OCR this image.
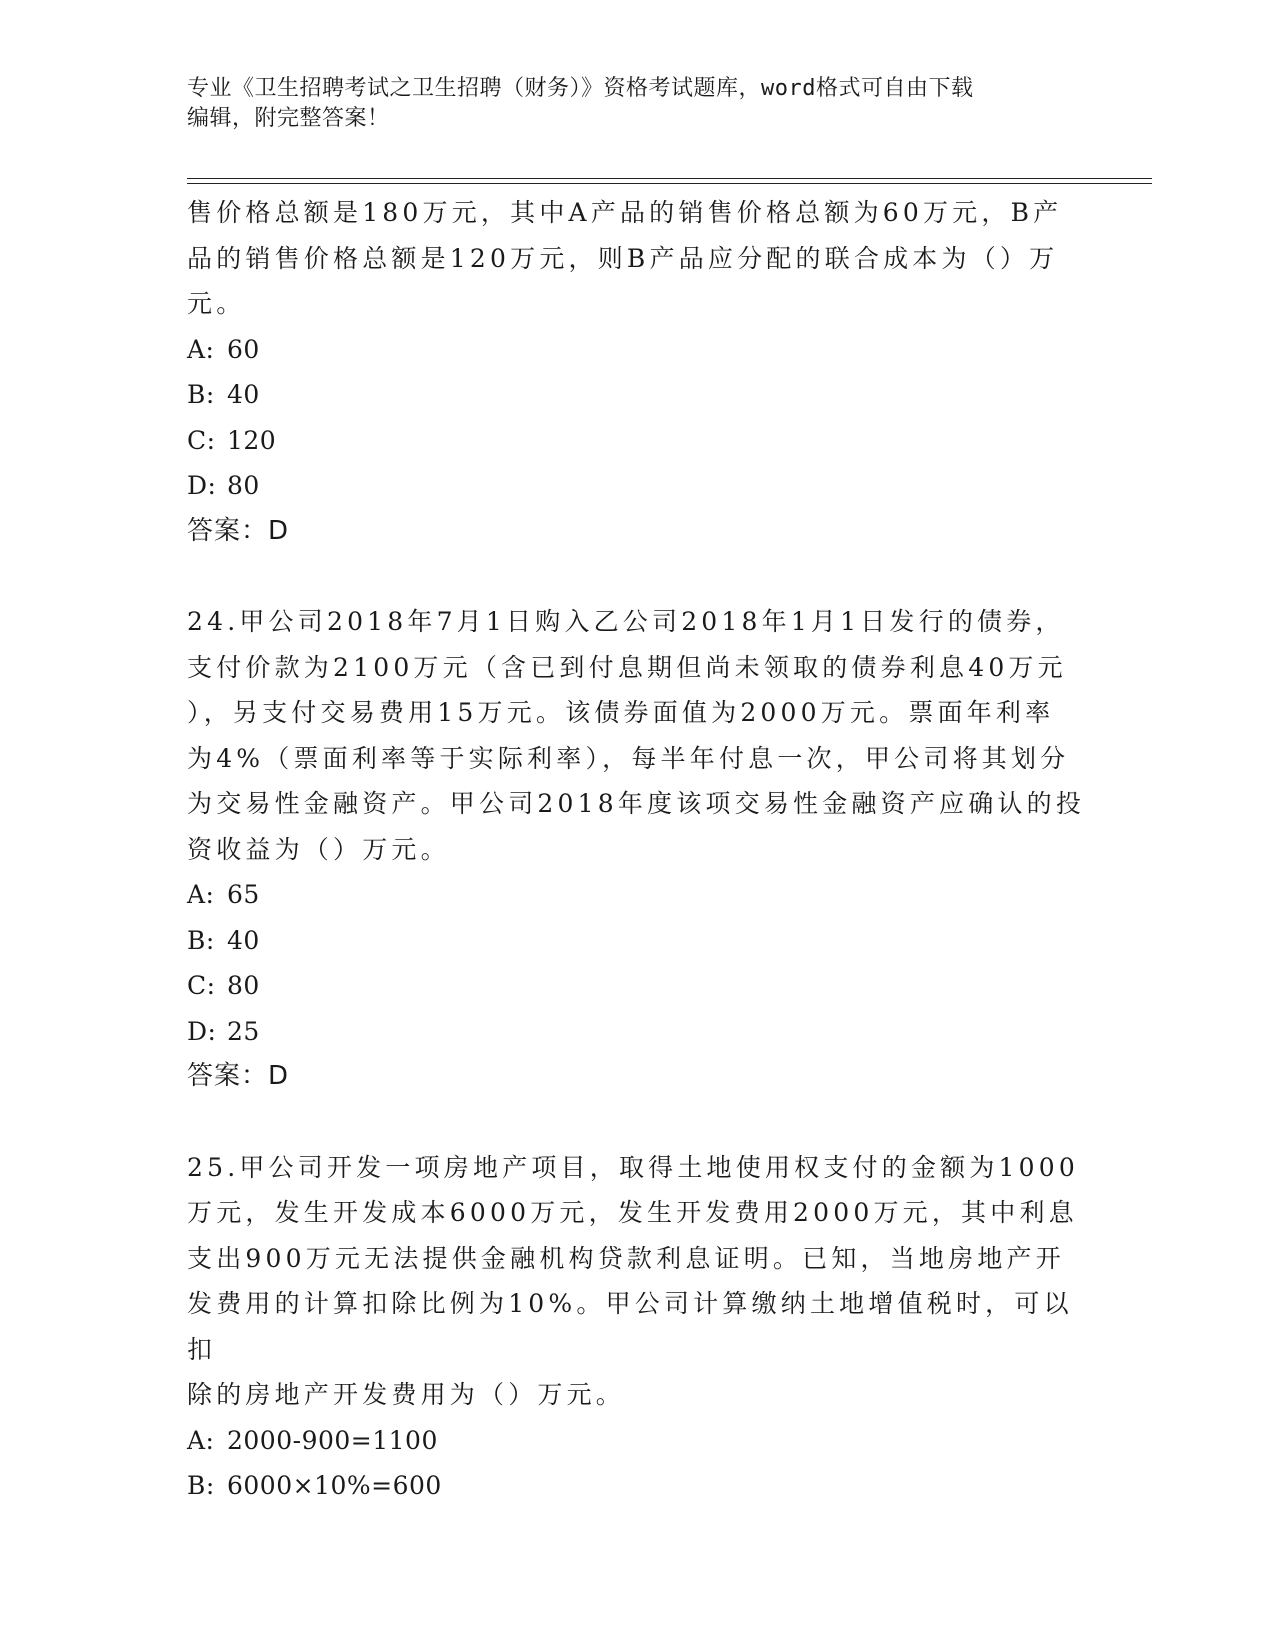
专业《卫生招聘考试之卫生招聘（财务）》资格考试题库，word格式可自由下载
编辑，附完整答案！

售价格总额是180万元，其中A产品的销售价格总额为60万元，B产
品的销售价格总额是120万元，则B产品应分配的联合成本为（）万
元。

A: 60

B: 40

C: 120

D: 80

答案：D

24.甲公司2018年7月1日购入乙公司2018年1月1日发行的债券，
支付价款为2100万元（含已到付息期但尚未领取的债券利息40万元
），另支付交易费用15万元。该债券面值为2000万元。票面年利率
为4%（票面利率等于实际利率），每半年付息一次，甲公司将其划分
为交易性金融资产。甲公司2018年度该项交易性金融资产应确认的投
资收益为（）万元。

A: 65

B: 40

C: 80

D: 25

答案：D

25.甲公司开发一项房地产项目，取得土地使用权支付的金额为1000
万元，发生开发成本6000万元，发生开发费用2000万元，其中利息
支出900万元无法提供金融机构贷款利息证明。已知，当地房地产开
发费用的计算扣除比例为10%。甲公司计算缴纳土地增值税时，可以扣
除的房地产开发费用为（）万元。

A: 2000-900=1100

B: 6000×10%=600
